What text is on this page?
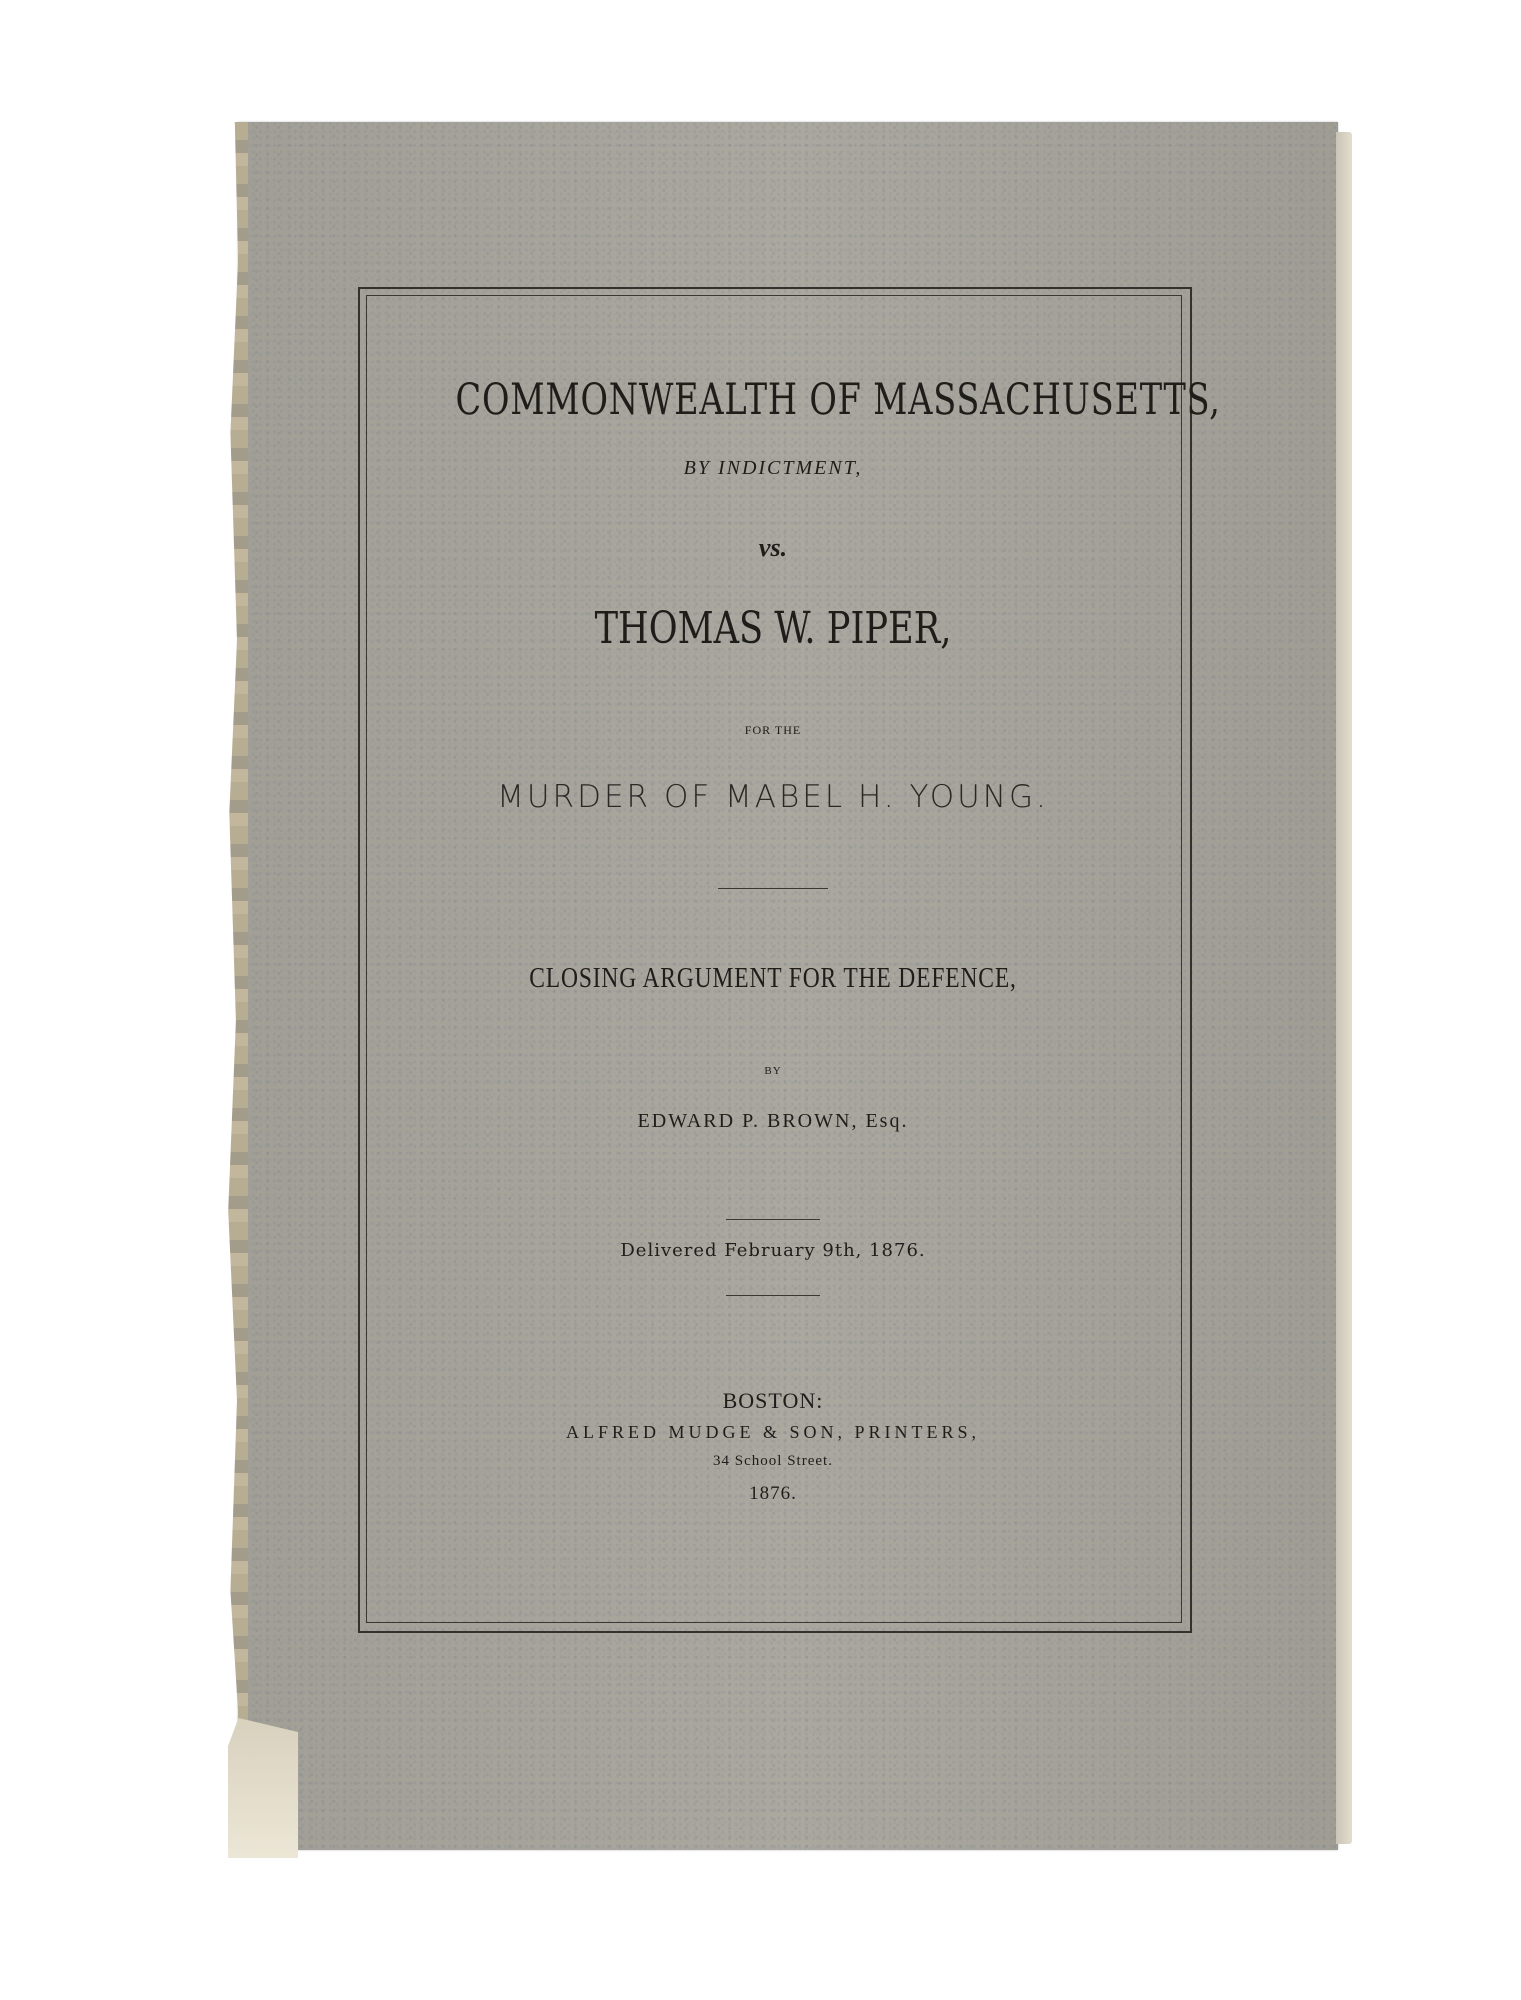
COMMONWEALTH OF MASSACHUSETTS,
BY INDICTMENT,
vs.
THOMAS W. PIPER,
FOR THE
MURDER OF MABEL H. YOUNG.
CLOSING ARGUMENT FOR THE DEFENCE,
BY
EDWARD P. BROWN, Esq.
Delivered February 9th, 1876.
BOSTON:
ALFRED MUDGE & SON, PRINTERS,
34 School Street.
1876.
